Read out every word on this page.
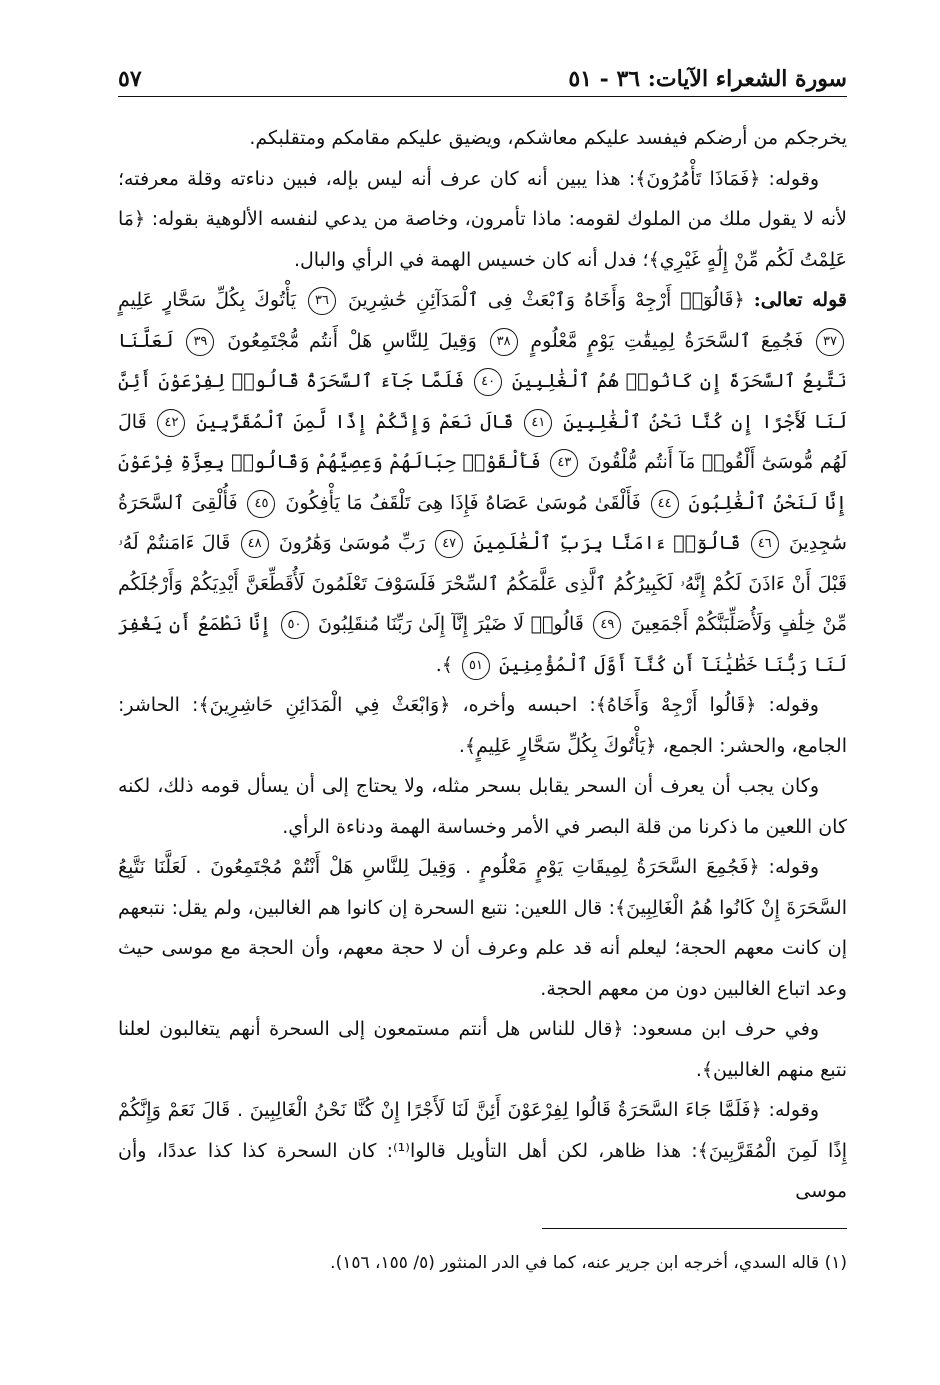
سورة الشعراء الآيات: ٣٦ - ٥١
٥٧

يخرجكم من أرضكم فيفسد عليكم معاشكم، ويضيق عليكم مقامكم ومتقلبكم.

وقوله: ﴿فَمَاذَا تَأْمُرُونَ﴾: هذا يبين أنه كان عرف أنه ليس بإله، فبين دناءته وقلة معرفته؛ لأنه لا يقول ملك من الملوك لقومه: ماذا تأمرون، وخاصة من يدعي لنفسه الألوهية بقوله: ﴿مَا عَلِمْتُ لَكُم مِّنْ إِلَٰهٍ غَيْرِي﴾؛ فدل أنه كان خسيس الهمة في الرأي والبال.

قوله تعالى: ﴿قَالُوٓا۟ أَرْجِهْ وَأَخَاهُ وَٱبْعَثْ فِى ٱلْمَدَآئِنِ حَٰشِرِينَ ٣٦ يَأْتُوكَ بِكُلِّ سَحَّارٍ عَلِيمٍ ٣٧ فَجُمِعَ ٱلسَّحَرَةُ لِمِيقَٰتِ يَوْمٍ مَّعْلُومٍ ٣٨ وَقِيلَ لِلنَّاسِ هَلْ أَنتُم مُّجْتَمِعُونَ ٣٩ لَعَلَّنَا نَتَّبِعُ ٱلسَّحَرَةَ إِن كَانُوا۟ هُمُ ٱلْغَٰلِبِينَ ٤٠ فَلَمَّا جَآءَ ٱلسَّحَرَةُ قَالُوا۟ لِفِرْعَوْنَ أَئِنَّ لَنَا لَأَجْرًا إِن كُنَّا نَحْنُ ٱلْغَٰلِبِينَ ٤١ قَالَ نَعَمْ وَإِنَّكُمْ إِذًا لَّمِنَ ٱلْمُقَرَّبِينَ ٤٢ قَالَ لَهُم مُّوسَىٰٓ أَلْقُوا۟ مَآ أَنتُم مُّلْقُونَ ٤٣ فَأَلْقَوْا۟ حِبَالَهُمْ وَعِصِيَّهُمْ وَقَالُوا۟ بِعِزَّةِ فِرْعَوْنَ إِنَّا لَنَحْنُ ٱلْغَٰلِبُونَ ٤٤ فَأَلْقَىٰ مُوسَىٰ عَصَاهُ فَإِذَا هِىَ تَلْقَفُ مَا يَأْفِكُونَ ٤٥ فَأُلْقِىَ ٱلسَّحَرَةُ سَٰجِدِينَ ٤٦ قَالُوٓا۟ ءَامَنَّا بِرَبِّ ٱلْعَٰلَمِينَ ٤٧ رَبِّ مُوسَىٰ وَهَٰرُونَ ٤٨ قَالَ ءَامَنتُمْ لَهُۥ قَبْلَ أَنْ ءَاذَنَ لَكُمْ إِنَّهُۥ لَكَبِيرُكُمُ ٱلَّذِى عَلَّمَكُمُ ٱلسِّحْرَ فَلَسَوْفَ تَعْلَمُونَ لَأُقَطِّعَنَّ أَيْدِيَكُمْ وَأَرْجُلَكُم مِّنْ خِلَٰفٍ وَلَأُصَلِّبَنَّكُمْ أَجْمَعِينَ ٤٩ قَالُوا۟ لَا ضَيْرَ إِنَّآ إِلَىٰ رَبِّنَا مُنقَلِبُونَ ٥٠ إِنَّا نَطْمَعُ أَن يَغْفِرَ لَنَا رَبُّنَا خَطَٰيَٰنَآ أَن كُنَّآ أَوَّلَ ٱلْمُؤْمِنِينَ ٥١ ﴾.

وقوله: ﴿قَالُوا أَرْجِهْ وَأَخَاهُ﴾: احبسه وأخره، ﴿وَابْعَثْ فِي الْمَدَائِنِ حَاشِرِينَ﴾: الحاشر: الجامع، والحشر: الجمع، ﴿يَأْتُوكَ بِكُلِّ سَحَّارٍ عَلِيمٍ﴾.

وكان يجب أن يعرف أن السحر يقابل بسحر مثله، ولا يحتاج إلى أن يسأل قومه ذلك، لكنه كان اللعين ما ذكرنا من قلة البصر في الأمر وخساسة الهمة ودناءة الرأي.

وقوله: ﴿فَجُمِعَ السَّحَرَةُ لِمِيقَاتِ يَوْمٍ مَعْلُومٍ . وَقِيلَ لِلنَّاسِ هَلْ أَنْتُمْ مُجْتَمِعُونَ . لَعَلَّنَا نَتَّبِعُ السَّحَرَةَ إِنْ كَانُوا هُمُ الْغَالِبِينَ﴾: قال اللعين: نتبع السحرة إن كانوا هم الغالبين، ولم يقل: نتبعهم إن كانت معهم الحجة؛ ليعلم أنه قد علم وعرف أن لا حجة معهم، وأن الحجة مع موسى حيث وعد اتباع الغالبين دون من معهم الحجة.

وفي حرف ابن مسعود: ﴿قال للناس هل أنتم مستمعون إلى السحرة أنهم يتغالبون لعلنا نتبع منهم الغالبين﴾.

وقوله: ﴿فَلَمَّا جَاءَ السَّحَرَةُ قَالُوا لِفِرْعَوْنَ أَئِنَّ لَنَا لَأَجْرًا إِنْ كُنَّا نَحْنُ الْغَالِبِينَ . قَالَ نَعَمْ وَإِنَّكُمْ إِذًا لَمِنَ الْمُقَرَّبِينَ﴾: هذا ظاهر، لكن أهل التأويل قالوا⁽¹⁾: كان السحرة كذا كذا عددًا، وأن موسى

(١) قاله السدي، أخرجه ابن جرير عنه، كما في الدر المنثور (٥/ ١٥٥، ١٥٦).
